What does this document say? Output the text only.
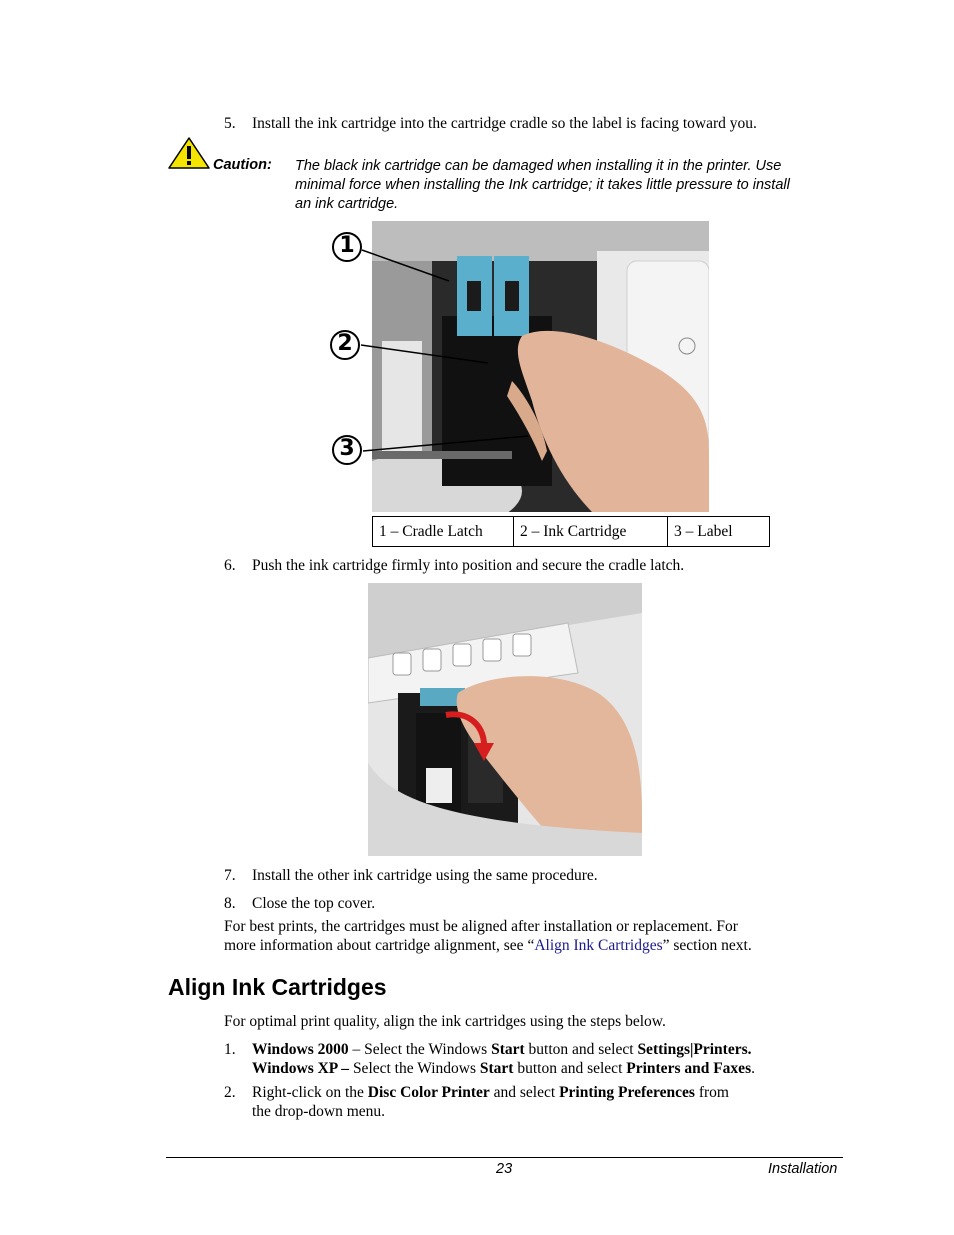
5. Install the ink cartridge into the cartridge cradle so the label is facing toward you.
Caution: The black ink cartridge can be damaged when installing it in the printer. Use
minimal force when installing the Ink cartridge; it takes little pressure to install
an ink cartridge.
1
2
3
1 – Cradle Latch	2 – Ink Cartridge	3 – Label
6. Push the ink cartridge firmly into position and secure the cradle latch.
7. Install the other ink cartridge using the same procedure.
8. Close the top cover.
For best prints, the cartridges must be aligned after installation or replacement. For
more information about cartridge alignment, see “Align Ink Cartridges” section next.
Align Ink Cartridges
For optimal print quality, align the ink cartridges using the steps below.
1. Windows 2000 – Select the Windows Start button and select Settings|Printers.
Windows XP – Select the Windows Start button and select Printers and Faxes.
2. Right-click on the Disc Color Printer and select Printing Preferences from
the drop-down menu.
23	Installation
